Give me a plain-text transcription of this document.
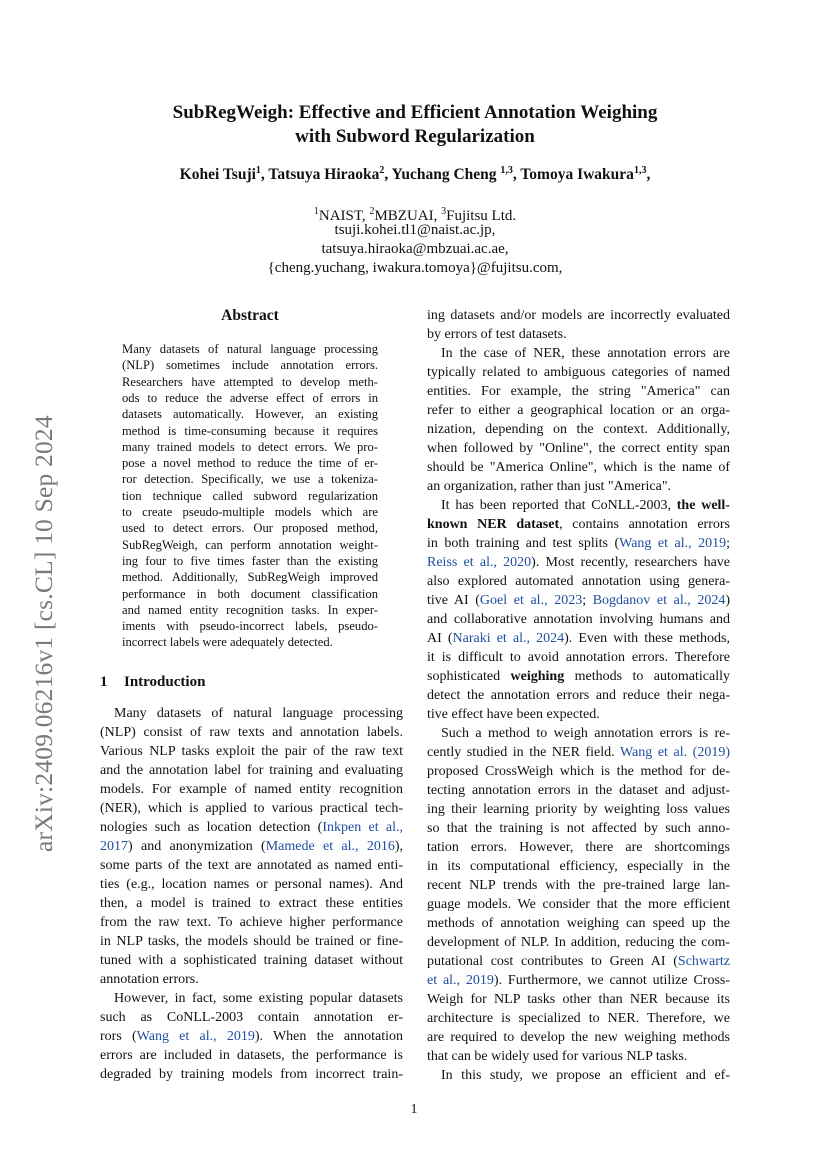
arXiv:2409.06216v1 [cs.CL] 10 Sep 2024
SubRegWeigh: Effective and Efficient Annotation Weighing
with Subword Regularization
Kohei Tsuji$^1$, Tatsuya Hiraoka$^2$, Yuchang Cheng $^{1,3}$, Tomoya Iwakura$^{1,3}$,
$^1$NAIST, $^2$MBZUAI, $^3$Fujitsu Ltd.
tsuji.kohei.tl1@naist.ac.jp,
tatsuya.hiraoka@mbzuai.ac.ae,
{cheng.yuchang, iwakura.tomoya}@fujitsu.com,
Abstract
Many datasets of natural language processing
(NLP) sometimes include annotation errors.
Researchers have attempted to develop meth-
ods to reduce the adverse effect of errors in
datasets automatically. However, an existing
method is time-consuming because it requires
many trained models to detect errors. We pro-
pose a novel method to reduce the time of er-
ror detection. Specifically, we use a tokeniza-
tion technique called subword regularization
to create pseudo-multiple models which are
used to detect errors. Our proposed method,
SubRegWeigh, can perform annotation weight-
ing four to five times faster than the existing
method. Additionally, SubRegWeigh improved
performance in both document classification
and named entity recognition tasks. In exper-
iments with pseudo-incorrect labels, pseudo-
incorrect labels were adequately detected.
1 Introduction
Many datasets of natural language processing
(NLP) consist of raw texts and annotation labels.
Various NLP tasks exploit the pair of the raw text
and the annotation label for training and evaluating
models. For example of named entity recognition
(NER), which is applied to various practical tech-
nologies such as location detection (Inkpen et al.,
2017) and anonymization (Mamede et al., 2016),
some parts of the text are annotated as named enti-
ties (e.g., location names or personal names). And
then, a model is trained to extract these entities
from the raw text. To achieve higher performance
in NLP tasks, the models should be trained or fine-
tuned with a sophisticated training dataset without
annotation errors.
However, in fact, some existing popular datasets
such as CoNLL-2003 contain annotation er-
rors (Wang et al., 2019). When the annotation
errors are included in datasets, the performance is
degraded by training models from incorrect train-
ing datasets and/or models are incorrectly evaluated
by errors of test datasets.
In the case of NER, these annotation errors are
typically related to ambiguous categories of named
entities. For example, the string "America" can
refer to either a geographical location or an orga-
nization, depending on the context. Additionally,
when followed by "Online", the correct entity span
should be "America Online", which is the name of
an organization, rather than just "America".
It has been reported that CoNLL-2003, the well-
known NER dataset, contains annotation errors
in both training and test splits (Wang et al., 2019;
Reiss et al., 2020). Most recently, researchers have
also explored automated annotation using genera-
tive AI (Goel et al., 2023; Bogdanov et al., 2024)
and collaborative annotation involving humans and
AI (Naraki et al., 2024). Even with these methods,
it is difficult to avoid annotation errors. Therefore
sophisticated weighing methods to automatically
detect the annotation errors and reduce their nega-
tive effect have been expected.
Such a method to weigh annotation errors is re-
cently studied in the NER field. Wang et al. (2019)
proposed CrossWeigh which is the method for de-
tecting annotation errors in the dataset and adjust-
ing their learning priority by weighting loss values
so that the training is not affected by such anno-
tation errors. However, there are shortcomings
in its computational efficiency, especially in the
recent NLP trends with the pre-trained large lan-
guage models. We consider that the more efficient
methods of annotation weighing can speed up the
development of NLP. In addition, reducing the com-
putational cost contributes to Green AI (Schwartz
et al., 2019). Furthermore, we cannot utilize Cross-
Weigh for NLP tasks other than NER because its
architecture is specialized to NER. Therefore, we
are required to develop the new weighing methods
that can be widely used for various NLP tasks.
In this study, we propose an efficient and ef-
1
